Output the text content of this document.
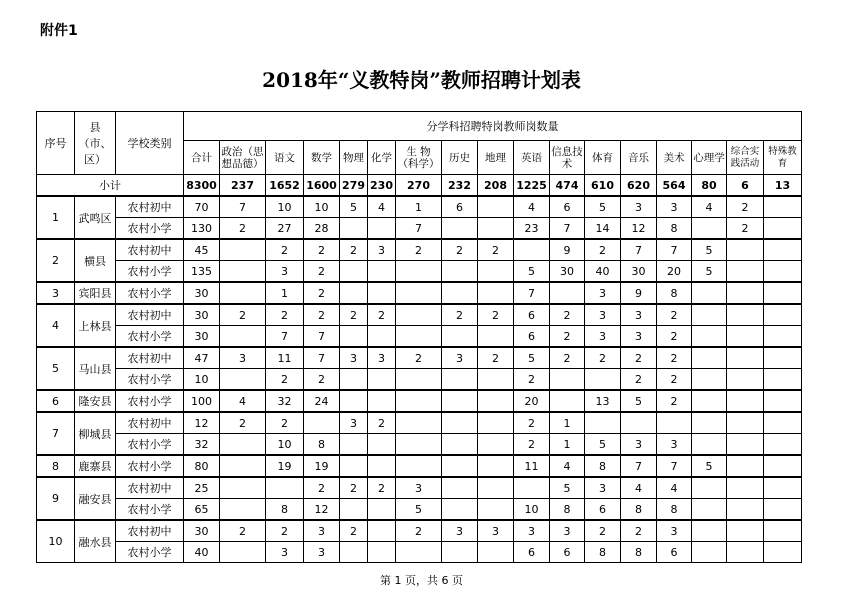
附件1
2018年“义教特岗”教师招聘计划表
序号	县（市、区）	学校类别	分学科招聘特岗教师岗数量																
			合计	政治（思想品德）	语文	数学	物理	化学	生 物（科学）	历史	地理	英语	信息技术	体育	音乐	美术	心理学	综合实践活动	特殊教育
小计			8300	237	1652	1600	279	230	270	232	208	1225	474	610	620	564	80	6	13
1	武鸣区	农村初中	70	7	10	10	5	4	1	6		4	6	5	3	3	4	2	
		农村小学	130	2	27	28			7			23	7	14	12	8		2	
2	横县	农村初中	45		2	2	2	3	2	2	2		9	2	7	7	5		
		农村小学	135		3	2						5	30	40	30	20	5		
3	宾阳县	农村小学	30		1	2						7		3	9	8			
4	上林县	农村初中	30	2	2	2	2	2		2	2	6	2	3	3	2			
		农村小学	30		7	7						6	2	3	3	2			
5	马山县	农村初中	47	3	11	7	3	3	2	3	2	5	2	2	2	2			
		农村小学	10		2	2						2			2	2			
6	隆安县	农村小学	100	4	32	24						20		13	5	2			
7	柳城县	农村初中	12	2	2		3	2				2	1						
		农村小学	32		10	8						2	1	5	3	3			
8	鹿寨县	农村小学	80		19	19						11	4	8	7	7	5		
9	融安县	农村初中	25			2	2	2	3				5	3	4	4			
		农村小学	65		8	12			5			10	8	6	8	8			
10	融水县	农村初中	30	2	2	3	2		2	3	3	3	3	2	2	3			
		农村小学	40		3	3						6	6	8	8	6			
第 1 页，共 6 页
